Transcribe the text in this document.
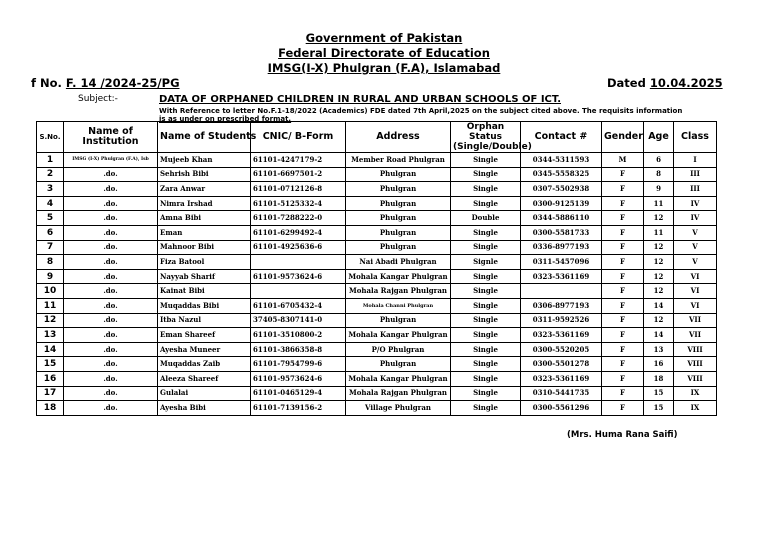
Government of Pakistan
Federal Directorate of Education
IMSG(I-X) Phulgran (F.A), Islamabad
f No. F. 14 /2024-25/PG	Dated 10.04.2025
Subject:-	DATA OF ORPHANED CHILDREN IN RURAL AND URBAN SCHOOLS OF ICT.
With Reference to letter No.F.1-18/2022 (Academics) FDE dated 7th April,2025 on the subject cited above. The requisits information
is as under on prescribed format.
S.No.	Name of Institution	Name of Students	CNIC/ B-Form	Address	Orphan Status (Single/Double)	Contact #	Gender	Age	Class
1	IMSG (I-X) Phulgran (F.A), Isb	Mujeeb Khan	61101-4247179-2	Member Road Phulgran	Single	0344-5311593	M	6	I
2	.do.	Sehrish Bibi	61101-6697501-2	Phulgran	Single	0345-5558325	F	8	III
3	.do.	Zara Anwar	61101-0712126-8	Phulgran	Single	0307-5502938	F	9	III
4	.do.	Nimra Irshad	61101-5125332-4	Phulgran	Single	0300-9125139	F	11	IV
5	.do.	Amna Bibi	61101-7288222-0	Phulgran	Double	0344-5886110	F	12	IV
6	.do.	Eman	61101-6299492-4	Phulgran	Single	0300-5581733	F	11	V
7	.do.	Mahnoor Bibi	61101-4925636-6	Phulgran	Single	0336-8977193	F	12	V
8	.do.	Fiza Batool		Nai Abadi Phulgran	Signle	0311-5457096	F	12	V
9	.do.	Nayyab Sharif	61101-9573624-6	Mohala Kangar Phulgran	Single	0323-5361169	F	12	VI
10	.do.	Kainat Bibi		Mohala Rajgan Phulgran	Single		F	12	VI
11	.do.	Muqaddas Bibi	61101-6705432-4	Mohala Channi Phulgran	Single	0306-8977193	F	14	VI
12	.do.	Itba Nazul	37405-8307141-0	Phulgran	Single	0311-9592526	F	12	VII
13	.do.	Eman Shareef	61101-3510800-2	Mohala Kangar Phulgran	Single	0323-5361169	F	14	VII
14	.do.	Ayesha Muneer	61101-3866358-8	P/O Phulgran	Single	0300-5520205	F	13	VIII
15	.do.	Muqaddas Zaib	61101-7954799-6	Phulgran	Single	0300-5501278	F	16	VIII
16	.do.	Aleeza Shareef	61101-9573624-6	Mohala Kangar Phulgran	Single	0323-5361169	F	18	VIII
17	.do.	Gulalai	61101-0465129-4	Mohala Rajgan Phulgran	Single	0310-5441735	F	15	IX
18	.do.	Ayesha Bibi	61101-7139156-2	Village Phulgran	Single	0300-5561296	F	15	IX
(Mrs. Huma Rana Saifi)
